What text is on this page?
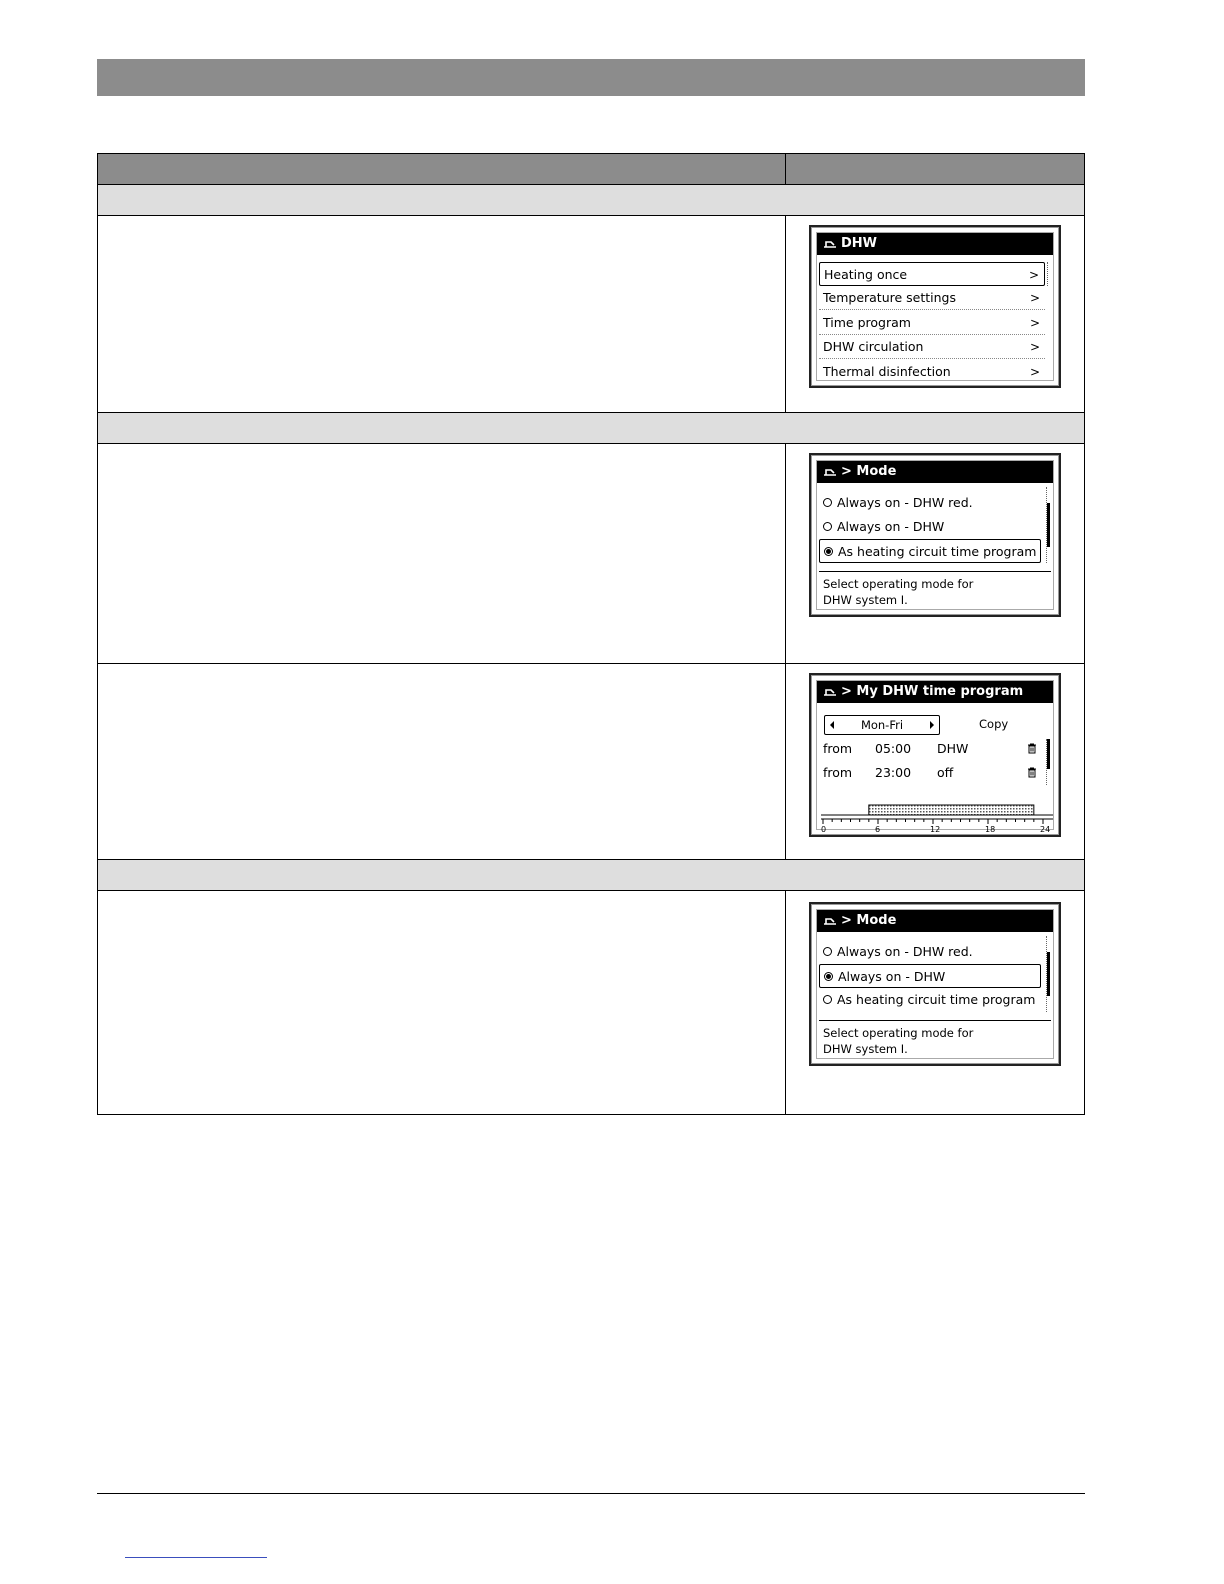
DHW
Heating once	>
Temperature settings	>
Time program	>
DHW circulation	>
Thermal disinfection	>
> Mode
Always on - DHW red.
Always on - DHW
As heating circuit time program
Select operating mode for
DHW system I.
> My DHW time program
Mon-Fri	Copy
from 05:00 DHW
from 23:00 off
0	6	12	18	24
> Mode
Always on - DHW red.
Always on - DHW
As heating circuit time program
Select operating mode for
DHW system I.
